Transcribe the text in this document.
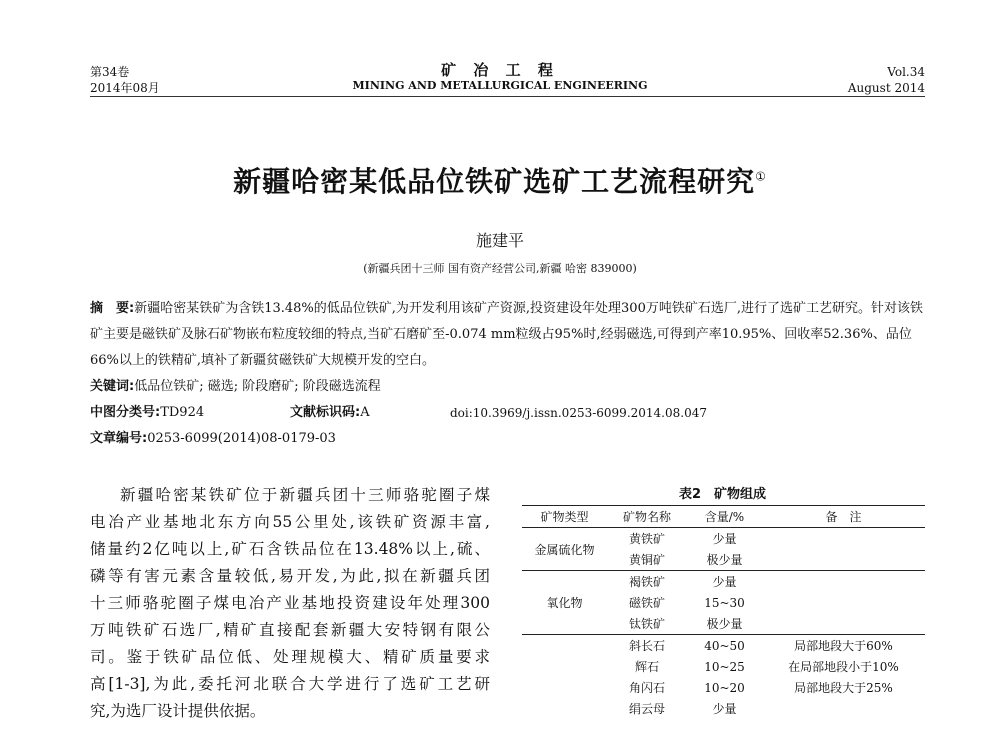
第34卷
2014年08月
矿 冶 工 程
MINING AND METALLURGICAL ENGINEERING
Vol.34
August 2014
新疆哈密某低品位铁矿选矿工艺流程研究①
施建平
(新疆兵团十三师 国有资产经营公司,新疆 哈密 839000)
摘　要:新疆哈密某铁矿为含铁13.48%的低品位铁矿,为开发利用该矿产资源,投资建设年处理300万吨铁矿石选厂,进行了选矿工艺研究。针对该铁矿主要是磁铁矿及脉石矿物嵌布粒度较细的特点,当矿石磨矿至-0.074 mm粒级占95%时,经弱磁选,可得到产率10.95%、回收率52.36%、品位66%以上的铁精矿,填补了新疆贫磁铁矿大规模开发的空白。
关键词:低品位铁矿; 磁选; 阶段磨矿; 阶段磁选流程
中图分类号:TD924	文献标识码:A	doi:10.3969/j.issn.0253-6099.2014.08.047
文章编号:0253-6099(2014)08-0179-03
新疆哈密某铁矿位于新疆兵团十三师骆驼圈子煤
电冶产业基地北东方向55公里处,该铁矿资源丰富,
储量约2亿吨以上,矿石含铁品位在13.48%以上,硫、
磷等有害元素含量较低,易开发,为此,拟在新疆兵团
十三师骆驼圈子煤电冶产业基地投资建设年处理300
万吨铁矿石选厂,精矿直接配套新疆大安特钢有限公
司。鉴于铁矿品位低、处理规模大、精矿质量要求
高[1-3],为此,委托河北联合大学进行了选矿工艺研
究,为选厂设计提供依据。
表2　矿物组成
矿物类型	矿物名称	含量/%	备　注
金属硫化物	黄铁矿	少量	
	黄铜矿	极少量	
氧化物	褐铁矿	少量	
	磁铁矿	15~30	
	钛铁矿	极少量	
	斜长石	40~50	局部地段大于60%
	辉石	10~25	在局部地段小于10%
	角闪石	10~20	局部地段大于25%
	绢云母	少量	
